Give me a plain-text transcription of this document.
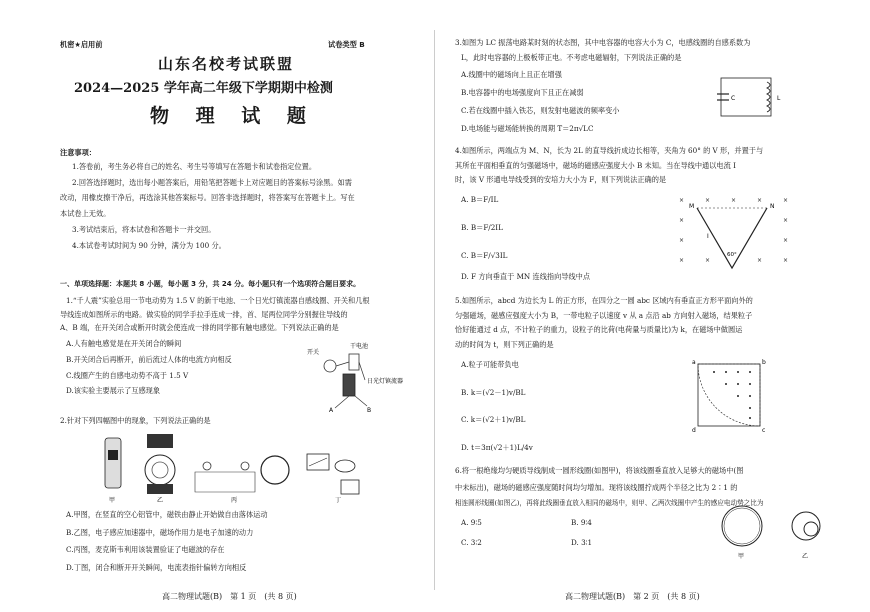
机密★启用前	试卷类型 B
山东名校考试联盟
2024—2025 学年高二年级下学期期中检测
物 理 试 题
注意事项：
1.答卷前，考生务必将自己的姓名、考生号等填写在答题卡和试卷指定位置。
2.回答选择题时，选出每小题答案后，用铅笔把答题卡上对应题目的答案标号涂黑。如需
改动，用橡皮擦干净后，再选涂其他答案标号。回答非选择题时，将答案写在答题卡上。写在
本试卷上无效。
3.考试结束后，将本试卷和答题卡一并交回。
4.本试卷考试时间为 90 分钟，满分为 100 分。
一、单项选择题：本题共 8 小题，每小题 3 分，共 24 分。每小题只有一个选项符合题目要求。
1.“千人震”实验总用一节电动势为 1.5 V 的新干电池、一个日光灯镇流器自感线圈、开关和几根
导线连成如图所示的电路。做实验的同学手拉手连成一排，首、尾两位同学分别握住导线的
A、B 端，在开关闭合或断开时就会使连成一排的同学都有触电感觉。下列说法正确的是
A.人有触电感觉是在开关闭合的瞬间
B.开关闭合后再断开，前后流过人体的电流方向相反
C.线圈产生的自感电动势不高于 1.5 V
D.该实验主要展示了互感现象
开关
干电池
日光灯镇流器
A	B
2.针对下列四幅图中的现象，下列说法正确的是
甲	乙	丙	丁
A.甲图，在竖直的空心铝管中，磁铁由静止开始做自由落体运动
B.乙图，电子感应加速器中，磁场作用力是电子加速的动力
C.丙图，麦克斯韦利用该装置验证了电磁波的存在
D.丁图，闭合和断开开关瞬间，电流表指针偏转方向相反
高二物理试题(B)　第 1 页　(共 8 页)
3.如图为 LC 振荡电路某时刻的状态图，其中电容器的电容大小为 C，电感线圈的自感系数为
L，此时电容器的上极板带正电。不考虑电磁辐射，下列说法正确的是
A.线圈中的磁场向上且正在增强
B.电容器中的电场强度向下且正在减弱
C.若在线圈中插入铁芯，则发射电磁波的频率变小
D.电场能与磁场能转换的周期 T＝2π√LC
C	L
4.如图所示，两端点为 M、N，长为 2L 的直导线折成边长相等，夹角为 60° 的 V 形，并置于与
其所在平面相垂直的匀强磁场中，磁场的磁感应强度大小 B 未知。当在导线中通以电流 I
时，该 V 形通电导线受到的安培力大小为 F，则下列说法正确的是
A. B＝F/IL
B. B＝F/2IL
C. B＝F/√3IL
D. F 方向垂直于 MN 连线指向导线中点
×	×	×	×	×
×	×
×	×
×	×	×	×
M	N
60°
I
5.如图所示，abcd 为边长为 L 的正方形，在四分之一圆 abc 区域内有垂直正方形平面向外的
匀强磁场，磁感应强度大小为 B，一带电粒子以速度 v 从 a 点沿 ab 方向射入磁场，结果粒子
恰好能通过 d 点，不计粒子的重力，设粒子的比荷(电荷量与质量比)为 k，在磁场中做圆运
动的时间为 t，则下列正确的是
A.粒子可能带负电
B. k＝(√2－1)v/BL
C. k＝(√2＋1)v/BL
D. t＝3π(√2＋1)L/4v
a	b
c
d
6.将一根绝缘均匀硬质导线制成一圆形线圈(如图甲)，将该线圈垂直放入足够大的磁场中(图
中未标出)，磁场的磁感应强度随时间均匀增加。现将该线圈拧成两个半径之比为 2∶1 的
相连圆形线圈(如图乙)，再将此线圈垂直放入相同的磁场中，则甲、乙两次线圈中产生的感应电动势之比为
A. 9∶5	B. 9∶4
C. 3∶2	D. 3∶1
甲	乙
高二物理试题(B)　第 2 页　(共 8 页)
